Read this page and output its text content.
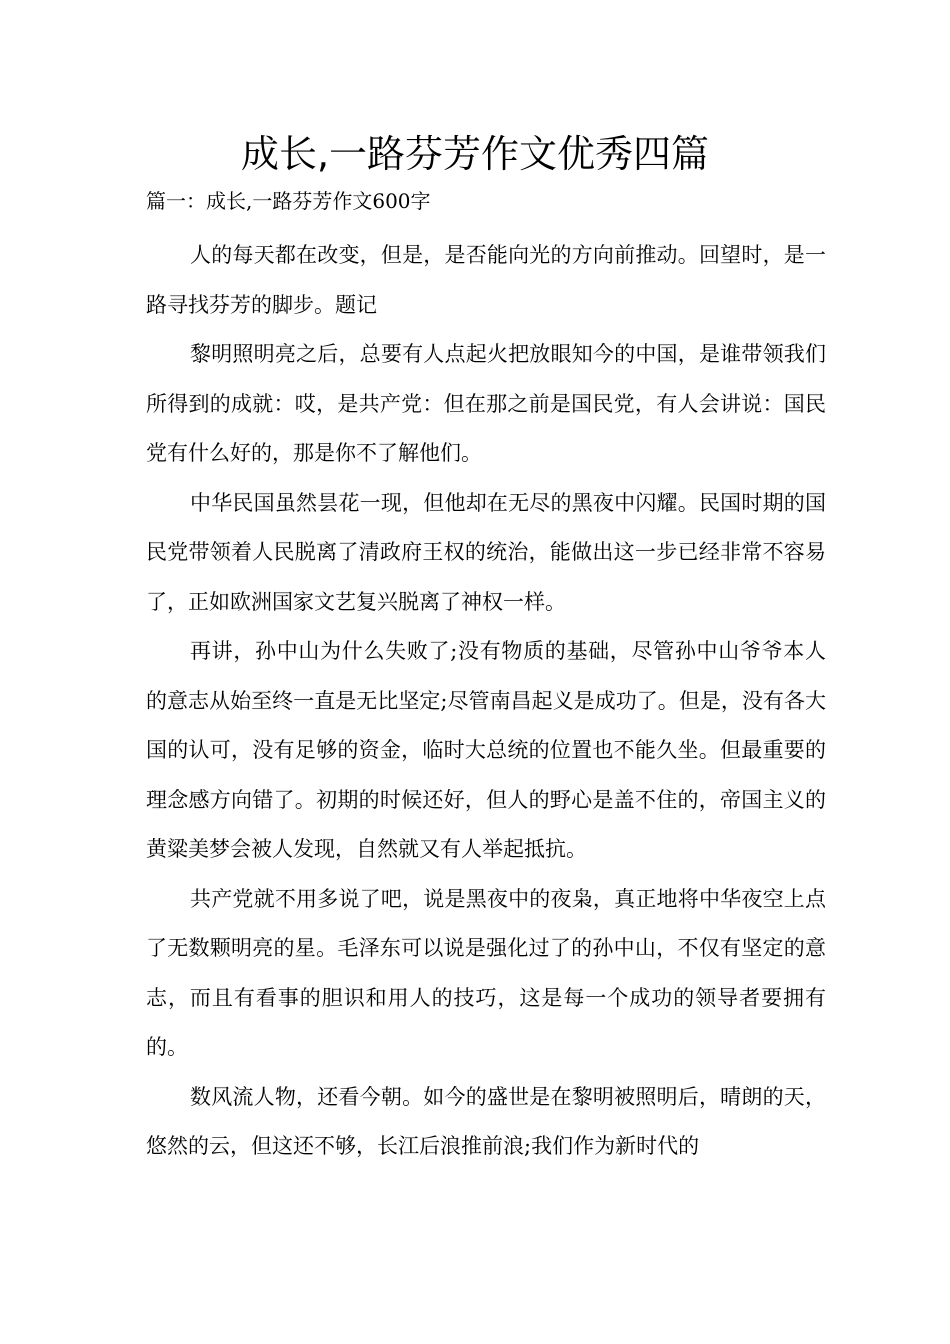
成长,一路芬芳作文优秀四篇

篇一：成长,一路芬芳作文600字

人的每天都在改变，但是，是否能向光的方向前推动。回望时，是一路寻找芬芳的脚步。题记

黎明照明亮之后，总要有人点起火把放眼知今的中国，是谁带领我们所得到的成就：哎，是共产党：但在那之前是国民党，有人会讲说：国民党有什么好的，那是你不了解他们。

中华民国虽然昙花一现，但他却在无尽的黑夜中闪耀。民国时期的国民党带领着人民脱离了清政府王权的统治，能做出这一步已经非常不容易了，正如欧洲国家文艺复兴脱离了神权一样。

再讲，孙中山为什么失败了;没有物质的基础，尽管孙中山爷爷本人的意志从始至终一直是无比坚定;尽管南昌起义是成功了。但是，没有各大国的认可，没有足够的资金，临时大总统的位置也不能久坐。但最重要的理念感方向错了。初期的时候还好，但人的野心是盖不住的，帝国主义的黄粱美梦会被人发现，自然就又有人举起抵抗。

共产党就不用多说了吧，说是黑夜中的夜枭，真正地将中华夜空上点了无数颗明亮的星。毛泽东可以说是强化过了的孙中山，不仅有坚定的意志，而且有看事的胆识和用人的技巧，这是每一个成功的领导者要拥有的。

数风流人物，还看今朝。如今的盛世是在黎明被照明后，晴朗的天，悠然的云，但这还不够，长江后浪推前浪;我们作为新时代的
